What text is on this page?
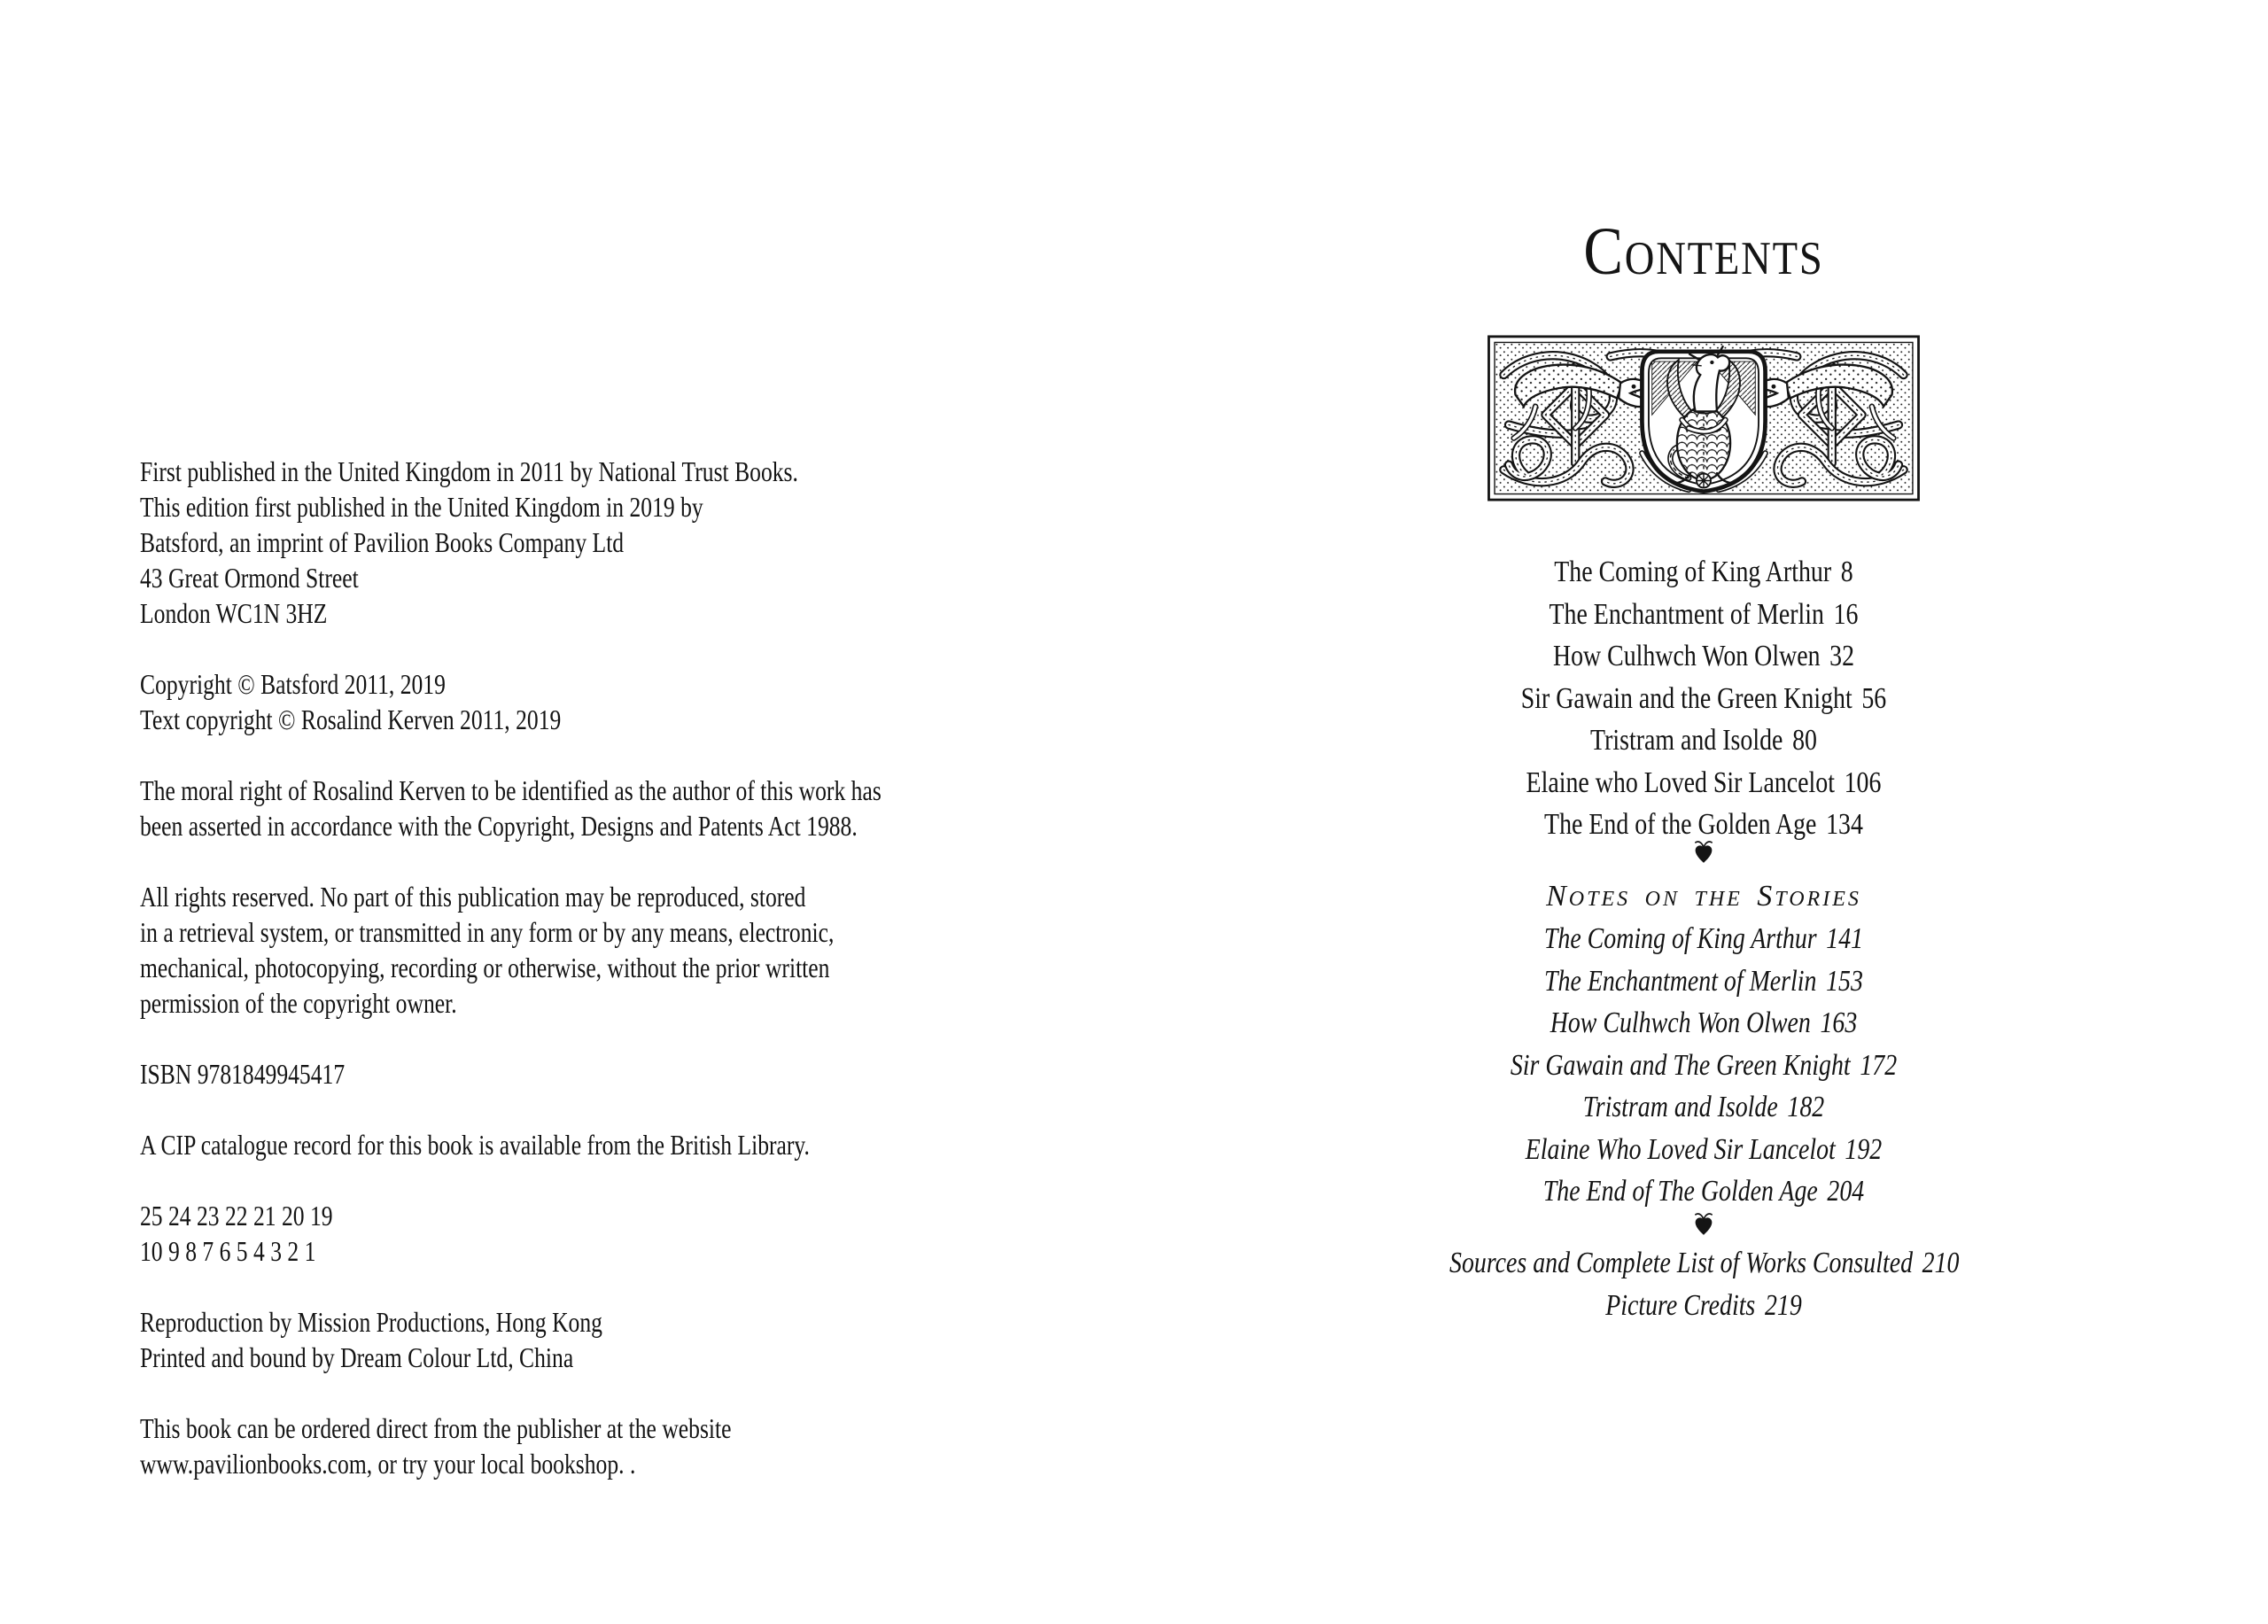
First published in the United Kingdom in 2011 by National Trust Books.
This edition first published in the United Kingdom in 2019 by
Batsford, an imprint of Pavilion Books Company Ltd
43 Great Ormond Street
London WC1N 3HZ
Copyright © Batsford 2011, 2019
Text copyright © Rosalind Kerven 2011, 2019
The moral right of Rosalind Kerven to be identified as the author of this work has
been asserted in accordance with the Copyright, Designs and Patents Act 1988.
All rights reserved. No part of this publication may be reproduced, stored
in a retrieval system, or transmitted in any form or by any means, electronic,
mechanical, photocopying, recording or otherwise, without the prior written
permission of the copyright owner.
ISBN 9781849945417
A CIP catalogue record for this book is available from the British Library.
25 24 23 22 21 20 19
10 9 8 7 6 5 4 3 2 1
Reproduction by Mission Productions, Hong Kong
Printed and bound by Dream Colour Ltd, China
This book can be ordered direct from the publisher at the website
www.pavilionbooks.com, or try your local bookshop. .
Contents
The Coming of King Arthur 8
The Enchantment of Merlin 16
How Culhwch Won Olwen 32
Sir Gawain and the Green Knight 56
Tristram and Isolde 80
Elaine who Loved Sir Lancelot 106
The End of the Golden Age 134
Notes on the Stories
The Coming of King Arthur 141
The Enchantment of Merlin 153
How Culhwch Won Olwen 163
Sir Gawain and The Green Knight 172
Tristram and Isolde 182
Elaine Who Loved Sir Lancelot 192
The End of The Golden Age 204
Sources and Complete List of Works Consulted 210
Picture Credits 219
